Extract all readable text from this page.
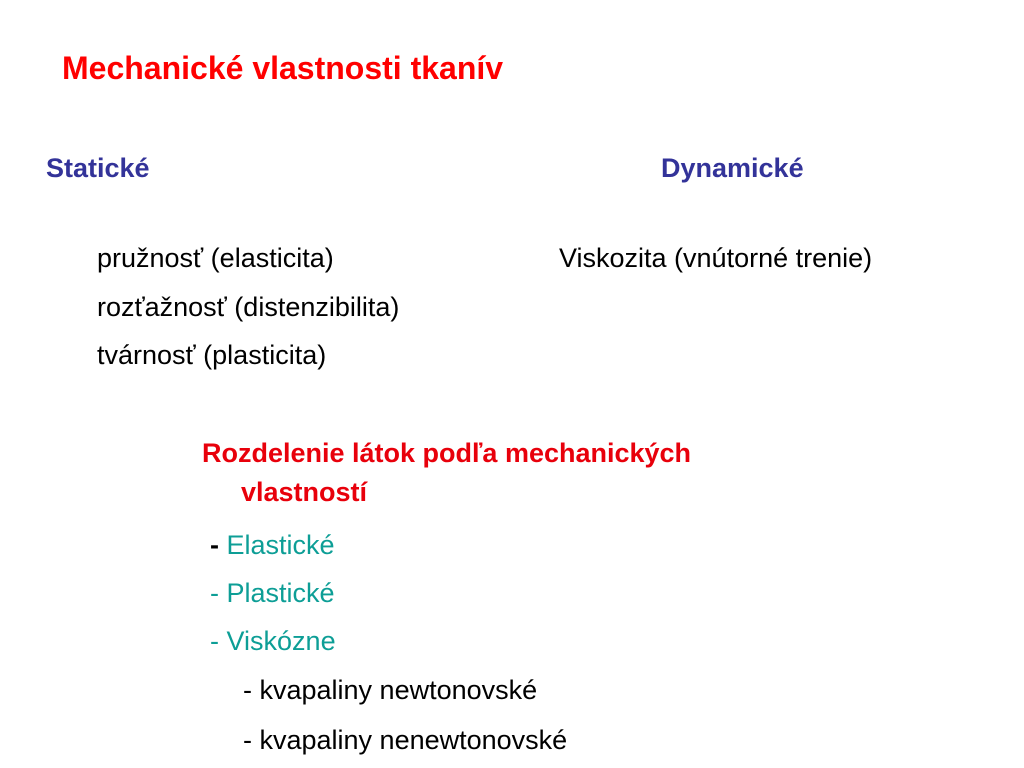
Mechanické vlastnosti tkanív
Statické	Dynamické
pružnosť (elasticita)
rozťažnosť (distenzibilita)
tvárnosť (plasticita)
Viskozita (vnútorné trenie)
Rozdelenie látok podľa mechanických
vlastností
- Elastické
- Plastické
- Viskózne
- kvapaliny newtonovské
- kvapaliny nenewtonovské
